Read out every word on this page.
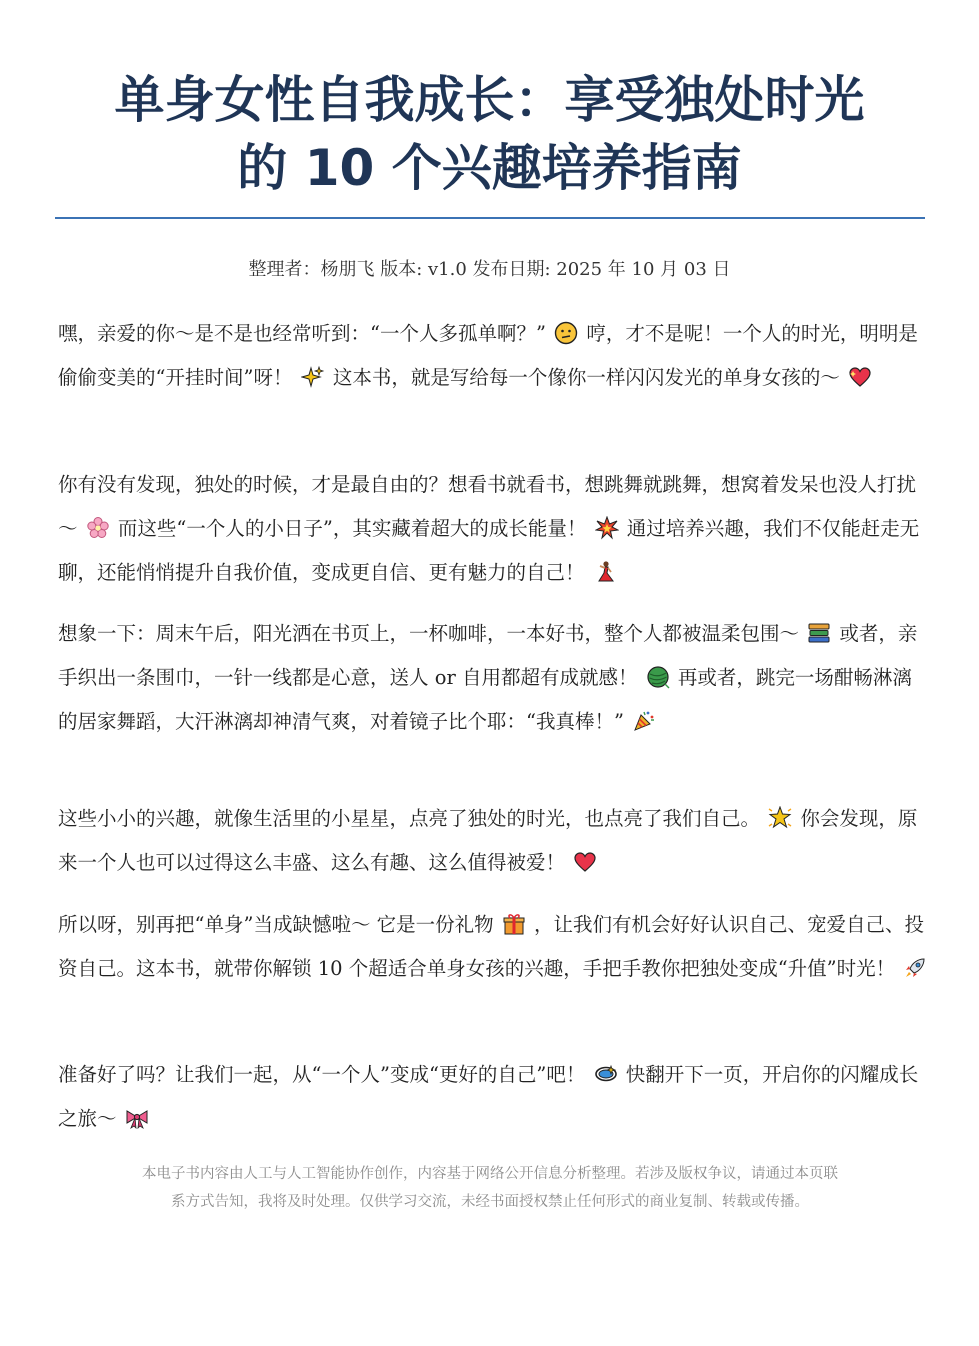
单身女性自我成长：享受独处时光
的 10 个兴趣培养指南
整理者：杨朋飞 版本: v1.0 发布日期: 2025 年 10 月 03 日

嘿，亲爱的你～是不是也经常听到：“一个人多孤单啊？” 哼，才不是呢！一个人的时光，明明是偷偷变美的“开挂时间”呀！ 这本书，就是写给每一个像你一样闪闪发光的单身女孩的～

你有没有发现，独处的时候，才是最自由的？想看书就看书，想跳舞就跳舞，想窝着发呆也没人打扰～ 而这些“一个人的小日子”，其实藏着超大的成长能量！ 通过培养兴趣，我们不仅能赶走无聊，还能悄悄提升自我价值，变成更自信、更有魅力的自己！

想象一下：周末午后，阳光洒在书页上，一杯咖啡，一本好书，整个人都被温柔包围～ 或者，亲手织出一条围巾，一针一线都是心意，送人 or 自用都超有成就感！ 再或者，跳完一场酣畅淋漓的居家舞蹈，大汗淋漓却神清气爽，对着镜子比个耶：“我真棒！”

这些小小的兴趣，就像生活里的小星星，点亮了独处的时光，也点亮了我们自己。 你会发现，原来一个人也可以过得这么丰盛、这么有趣、这么值得被爱！

所以呀，别再把“单身”当成缺憾啦～ 它是一份礼物 ，让我们有机会好好认识自己、宠爱自己、投资自己。这本书，就带你解锁 10 个超适合单身女孩的兴趣，手把手教你把独处变成“升值”时光！

准备好了吗？让我们一起，从“一个人”变成“更好的自己”吧！ 快翻开下一页，开启你的闪耀成长之旅～

本电子书内容由人工与人工智能协作创作，内容基于网络公开信息分析整理。若涉及版权争议，请通过本页联
系方式告知，我将及时处理。仅供学习交流，未经书面授权禁止任何形式的商业复制、转载或传播。
